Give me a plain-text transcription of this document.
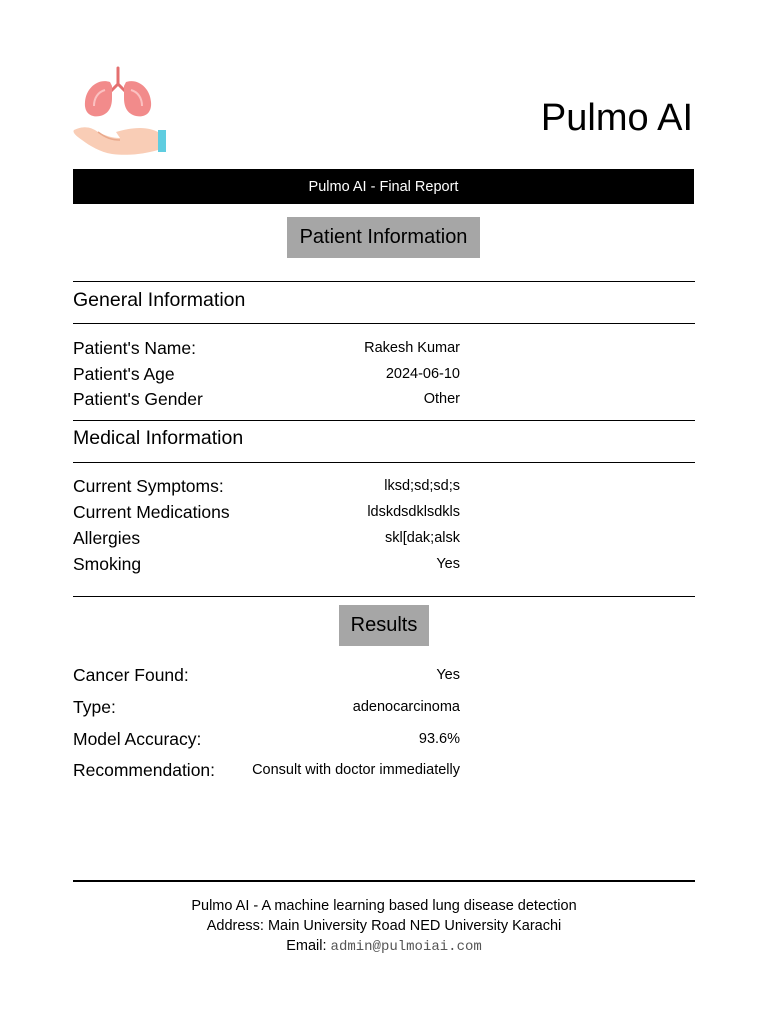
Pulmo AI
Pulmo AI - Final Report
Patient Information
General Information
Patient's Name:	Rakesh Kumar
Patient's Age	2024-06-10
Patient's Gender	Other
Medical Information
Current Symptoms:	lksd;sd;sd;s
Current Medications	ldskdsdklsdkls
Allergies	skl[dak;alsk
Smoking	Yes
Results
Cancer Found:	Yes
Type:	adenocarcinoma
Model Accuracy:	93.6%
Recommendation:	Consult with doctor immediatelly
Pulmo AI - A machine learning based lung disease detection
Address: Main University Road NED University Karachi
Email: admin@pulmoiai.com
